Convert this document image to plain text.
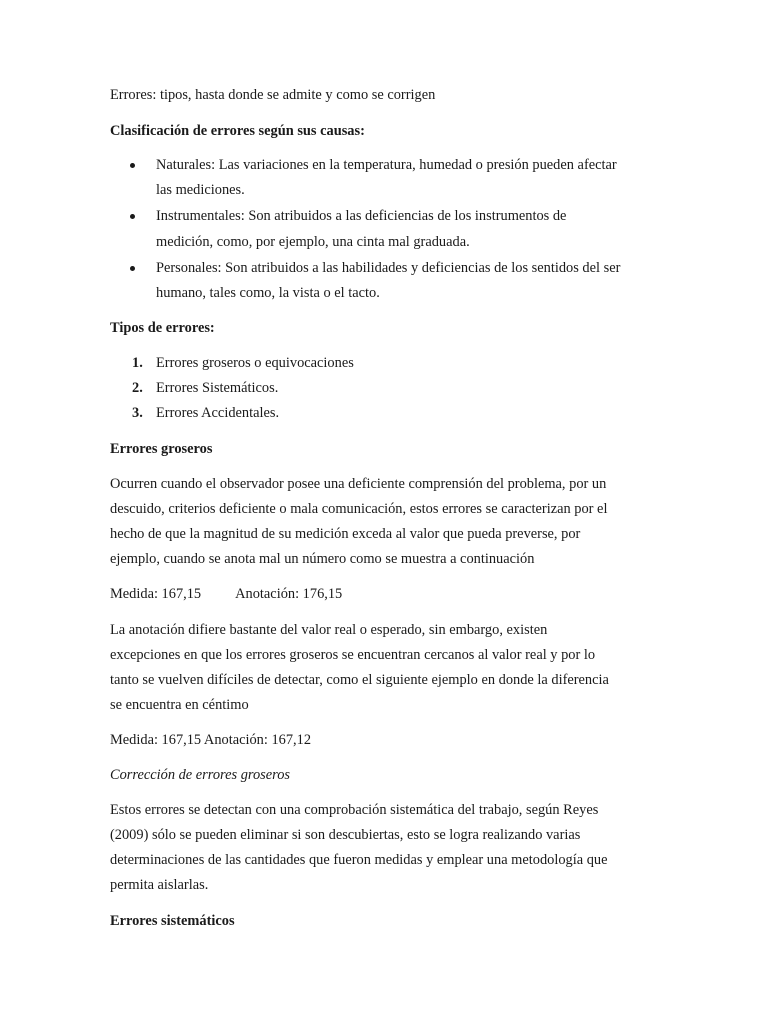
Errores: tipos, hasta donde se admite y como se corrigen
Clasificación de errores según sus causas:
Naturales: Las variaciones en la temperatura, humedad o presión pueden afectar
las mediciones.
Instrumentales: Son atribuidos a las deficiencias de los instrumentos de
medición, como, por ejemplo, una cinta mal graduada.
Personales: Son atribuidos a las habilidades y deficiencias de los sentidos del ser
humano, tales como, la vista o el tacto.
Tipos de errores:
1. Errores groseros o equivocaciones
2. Errores Sistemáticos.
3. Errores Accidentales.
Errores groseros
Ocurren cuando el observador posee una deficiente comprensión del problema, por un
descuido, criterios deficiente o mala comunicación, estos errores se caracterizan por el
hecho de que la magnitud de su medición exceda al valor que pueda preverse, por
ejemplo, cuando se anota mal un número como se muestra a continuación
Medida: 167,15 Anotación: 176,15
La anotación difiere bastante del valor real o esperado, sin embargo, existen
excepciones en que los errores groseros se encuentran cercanos al valor real y por lo
tanto se vuelven difíciles de detectar, como el siguiente ejemplo en donde la diferencia
se encuentra en céntimo
Medida: 167,15 Anotación: 167,12
Corrección de errores groseros
Estos errores se detectan con una comprobación sistemática del trabajo, según Reyes
(2009) sólo se pueden eliminar si son descubiertas, esto se logra realizando varias
determinaciones de las cantidades que fueron medidas y emplear una metodología que
permita aislarlas.
Errores sistemáticos
